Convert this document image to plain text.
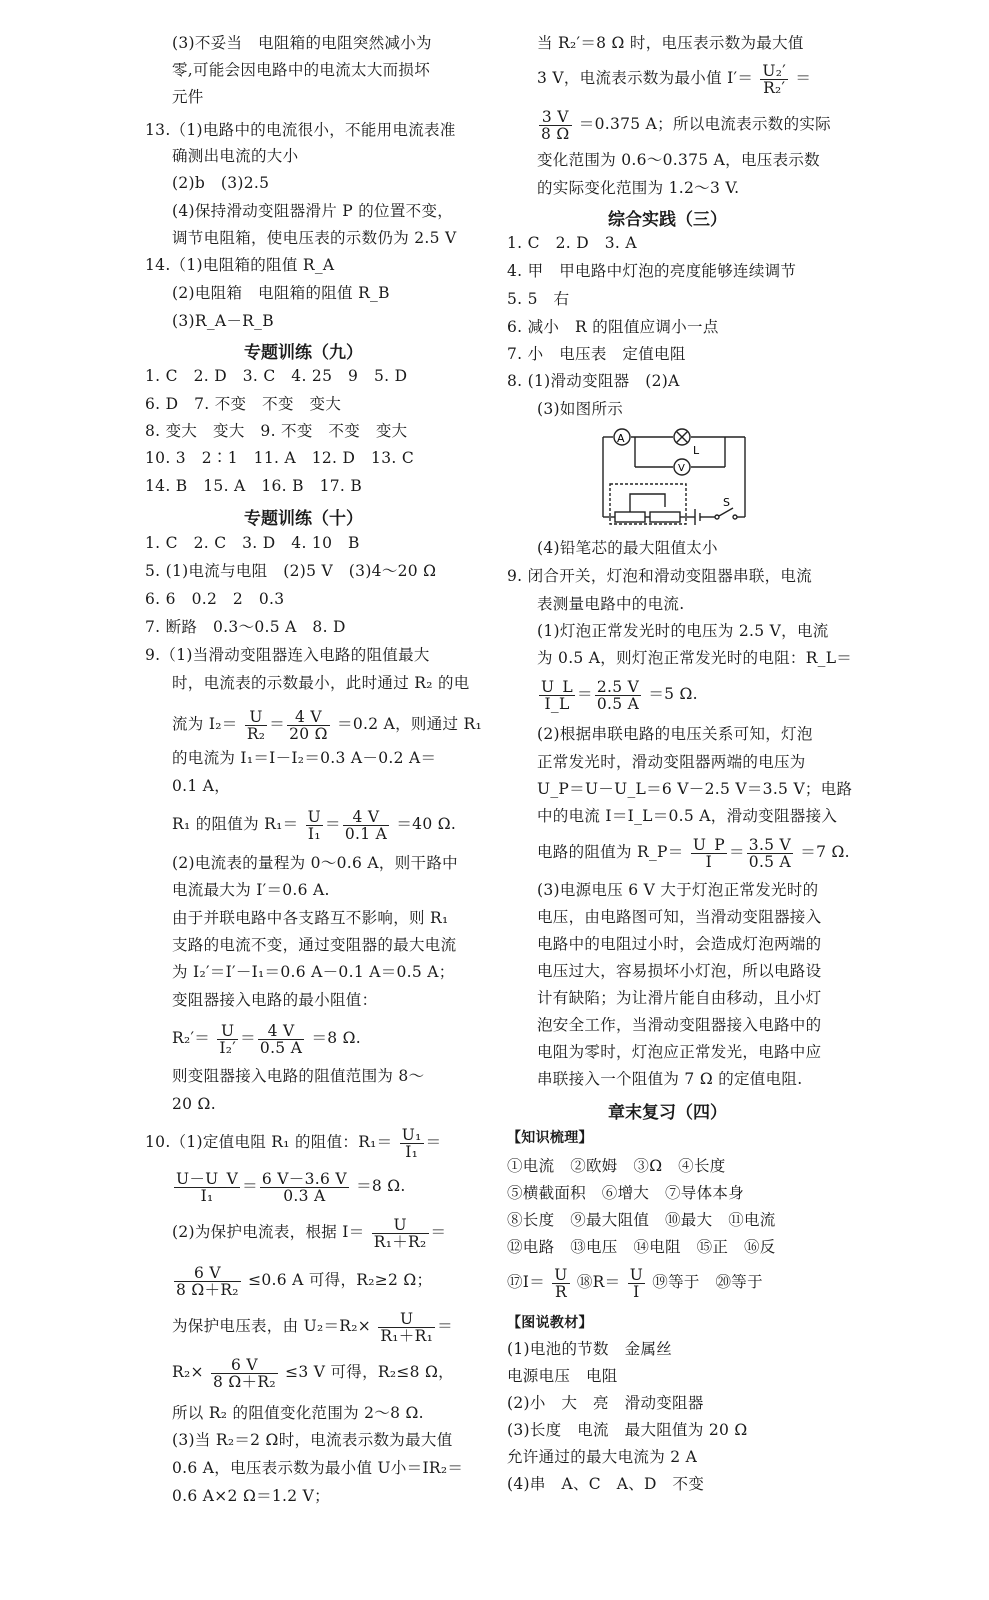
(3)不妥当　电阻箱的电阻突然减小为
零,可能会因电路中的电流太大而损坏
元件
13.（1)电路中的电流很小，不能用电流表准
确测出电流的大小
(2)b　(3)2.5
(4)保持滑动变阻器滑片 P 的位置不变，
调节电阻箱，使电压表的示数仍为 2.5 V
14.（1)电阻箱的阻值 R_A
(2)电阻箱　电阻箱的阻值 R_B
(3)R_A－R_B
专题训练（九）
1. C　2. D　3. C　4. 25　9　5. D
6. D　7. 不变　不变　变大
8. 变大　变大　9. 不变　不变　变大
10. 3　2∶1　11. A　12. D　13. C
14. B　15. A　16. B　17. B
专题训练（十）
1. C　2. C　3. D　4. 10　B
5. (1)电流与电阻　(2)5 V　(3)4～20 Ω
6. 6　0.2　2　0.3
7. 断路　0.3～0.5 A　8. D
9.（1)当滑动变阻器连入电路的阻值最大
时，电流表的示数最小，此时通过 R₂ 的电
流为 $I_2= \frac{U}{\text{R₂}} = \frac{4 V}{20 \Omega} =0.2$ A，则通过 R₁
的电流为 I₁＝I－I₂＝0.3 A－0.2 A＝
0.1 A，
R₁ 的阻值为 $R_1= \frac{U}{\text{I₁}} = \frac{4 V}{0.1 A} =40$ Ω.
(2)电流表的量程为 0～0.6 A，则干路中
电流最大为 I′＝0.6 A.
由于并联电路中各支路互不影响，则 R₁
支路的电流不变，通过变阻器的最大电流
为 I₂′＝I′－I₁＝0.6 A－0.1 A＝0.5 A；
变阻器接入电路的最小阻值：
$R_2'= \frac{U}{\text{I₂′}} = \frac{4 V}{0.5 A} =8$ Ω.
则变阻器接入电路的阻值范围为 8～
20 Ω.
10.（1)定值电阻 R₁ 的阻值：$R_1= \frac{\text{U₁}}{\text{I₁}}$ ＝
$\frac{U-U\_V}{\text{I₁}} = \frac{6 V-3.6 V}{0.3 A} =8$ Ω.
(2)为保护电流表，根据 $I= \frac{U}{\text{R₁＋R₂}}$ ＝
$\frac{6 V}{\text{8 Ω＋R₂}} \le 0.6$ A 可得，R₂≥2 Ω；
为保护电压表，由 $U_2=R_2\times \frac{U}{\text{R₁＋R₁}}$ ＝
$R_2\times \frac{6 V}{\text{8 Ω＋R₂}} \le 3$ V 可得，R₂≤8 Ω，
所以 R₂ 的阻值变化范围为 2～8 Ω.
(3)当 R₂＝2 Ω时，电流表示数为最大值
0.6 A，电压表示数为最小值 U小＝IR₂＝
0.6 A×2 Ω＝1.2 V；
当 R₂′＝8 Ω 时，电压表示数为最大值
3 V，电流表示数为最小值 $I'= \frac{\text{U₂′}}{\text{R₂′}}$ ＝
$\frac{3 V}{8 \Omega} =0.375$ A；所以电流表示数的实际
变化范围为 0.6～0.375 A，电压表示数
的实际变化范围为 1.2～3 V.
综合实践（三）
1. C　2. D　3. A
4. 甲　甲电路中灯泡的亮度能够连续调节
5. 5　右
6. 减小　R 的阻值应调小一点
7. 小　电压表　定值电阻
8. (1)滑动变阻器　(2)A
(3)如图所示
A
L
V
S
(4)铅笔芯的最大阻值太小
9. 闭合开关，灯泡和滑动变阻器串联，电流
表测量电路中的电流.
(1)灯泡正常发光时的电压为 2.5 V，电流
为 0.5 A，则灯泡正常发光时的电阻：R_L＝
$\frac{U\_L}{I\_L} = \frac{2.5 V}{0.5 A} =5$ Ω.
(2)根据串联电路的电压关系可知，灯泡
正常发光时，滑动变阻器两端的电压为
U_P＝U－U_L＝6 V－2.5 V＝3.5 V；电路
中的电流 I＝I_L＝0.5 A，滑动变阻器接入
电路的阻值为 R_P＝ $\frac{U\_P}{I} = \frac{3.5 V}{0.5 A} =7$ Ω.
(3)电源电压 6 V 大于灯泡正常发光时的
电压，由电路图可知，当滑动变阻器接入
电路中的电阻过小时，会造成灯泡两端的
电压过大，容易损坏小灯泡，所以电路设
计有缺陷；为让滑片能自由移动，且小灯
泡安全工作，当滑动变阻器接入电路中的
电阻为零时，灯泡应正常发光，电路中应
串联接入一个阻值为 7 Ω 的定值电阻.
章末复习（四）
【知识梳理】
①电流　②欧姆　③Ω　④长度
⑤横截面积　⑥增大　⑦导体本身
⑧长度　⑨最大阻值　⑩最大　⑪电流
⑫电路　⑬电压　⑭电阻　⑮正　⑯反
⑰I＝ $\frac{U}{R}$ ⑱R＝ $\frac{U}{I}$ ⑲等于　⑳等于
【图说教材】
(1)电池的节数　金属丝
电源电压　电阻
(2)小　大　亮　滑动变阻器
(3)长度　电流　最大阻值为 20 Ω
允许通过的最大电流为 2 A
(4)串　A、C　A、D　不变
